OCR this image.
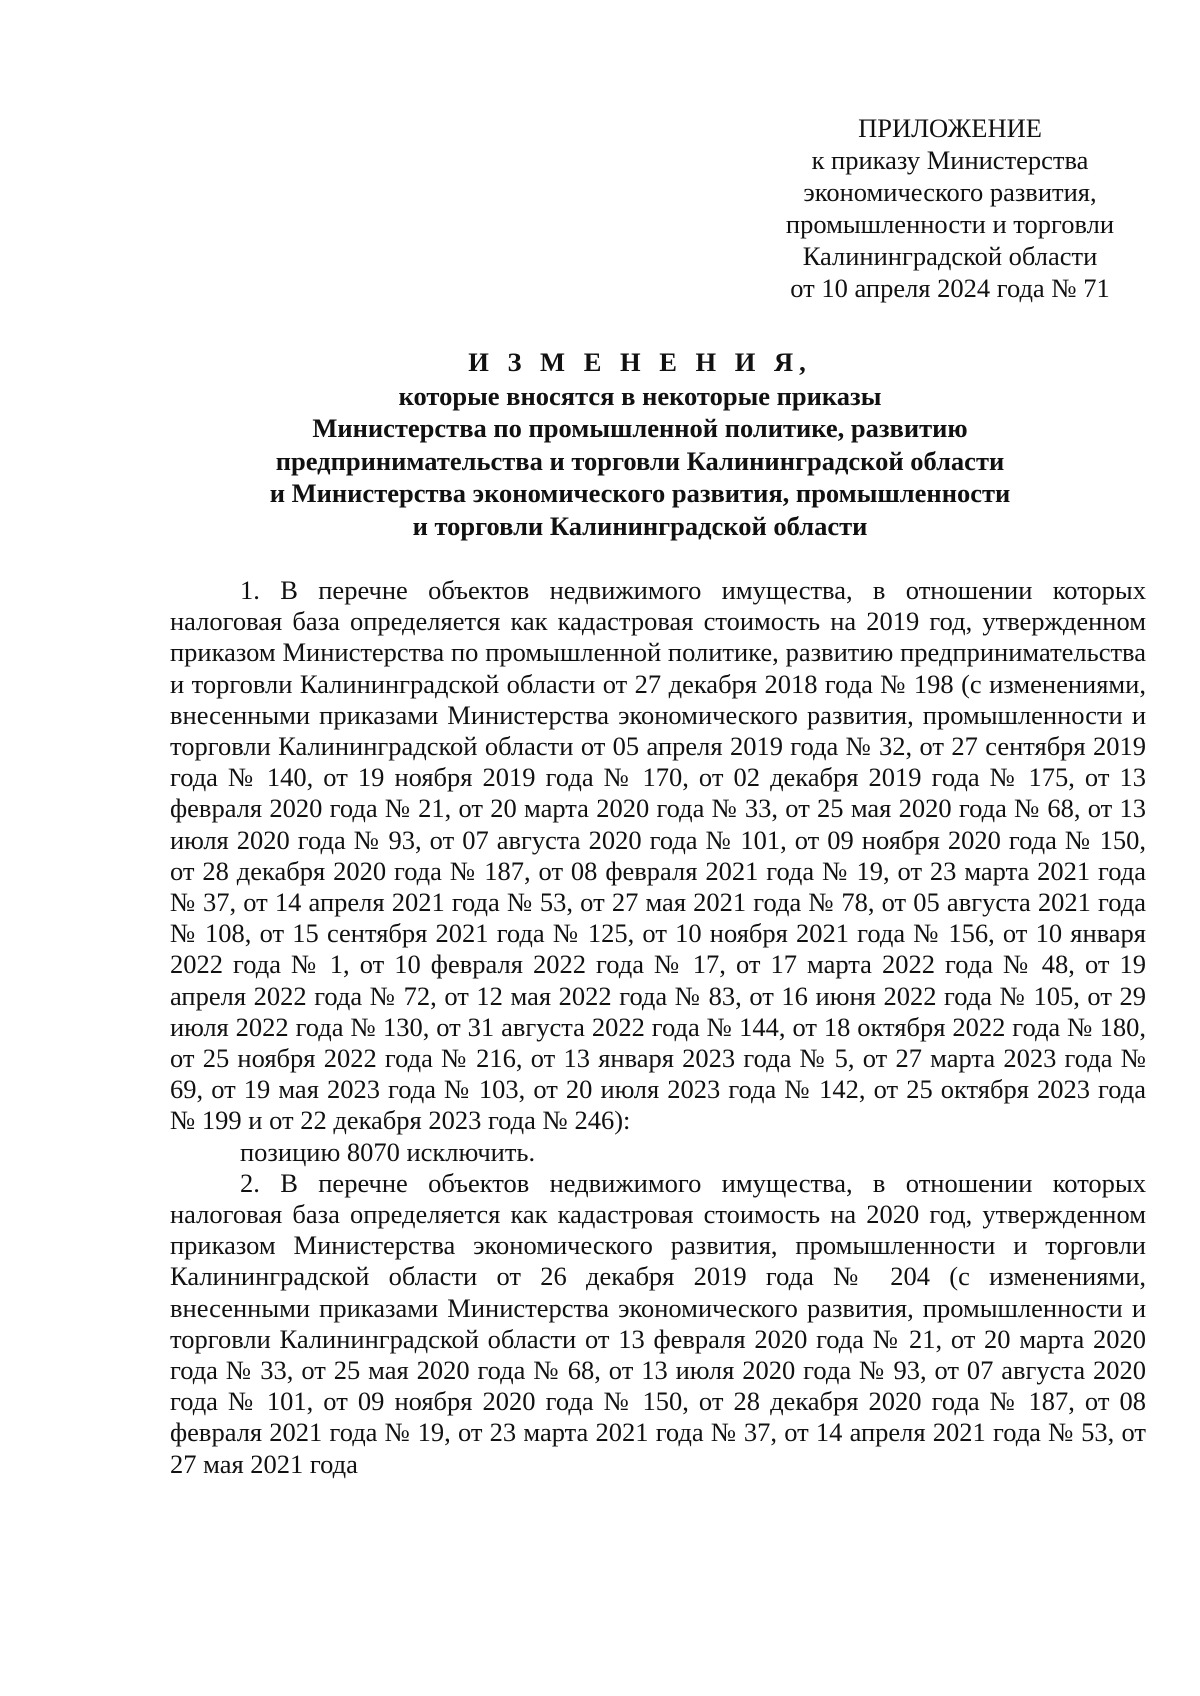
ПРИЛОЖЕНИЕ
к приказу Министерства
экономического развития,
промышленности и торговли
Калининградской области
от 10 апреля 2024 года № 71
И З М Е Н Е Н И Я,
которые вносятся в некоторые приказы
Министерства по промышленной политике, развитию
предпринимательства и торговли Калининградской области
и Министерства экономического развития, промышленности
и торговли Калининградской области

1. В перечне объектов недвижимого имущества, в отношении которых налоговая база определяется как кадастровая стоимость на 2019 год, утвержденном приказом Министерства по промышленной политике, развитию предпринимательства и торговли Калининградской области от 27 декабря 2018 года № 198 (с изменениями, внесенными приказами Министерства экономического развития, промышленности и торговли Калининградской области от 05 апреля 2019 года № 32, от 27 сентября 2019 года № 140, от 19 ноября 2019 года № 170, от 02 декабря 2019 года № 175, от 13 февраля 2020 года № 21, от 20 марта 2020 года № 33, от 25 мая 2020 года № 68, от 13 июля 2020 года № 93, от 07 августа 2020 года № 101, от 09 ноября 2020 года № 150, от 28 декабря 2020 года № 187, от 08 февраля 2021 года № 19, от 23 марта 2021 года № 37, от 14 апреля 2021 года № 53, от 27 мая 2021 года № 78, от 05 августа 2021 года № 108, от 15 сентября 2021 года № 125, от 10 ноября 2021 года № 156, от 10 января 2022 года № 1, от 10 февраля 2022 года № 17, от 17 марта 2022 года № 48, от 19 апреля 2022 года № 72, от 12 мая 2022 года № 83, от 16 июня 2022 года № 105, от 29 июля 2022 года № 130, от 31 августа 2022 года № 144, от 18 октября 2022 года № 180, от 25 ноября 2022 года № 216, от 13 января 2023 года № 5, от 27 марта 2023 года № 69, от 19 мая 2023 года № 103, от 20 июля 2023 года № 142, от 25 октября 2023 года № 199 и от 22 декабря 2023 года № 246):

позицию 8070 исключить.

2. В перечне объектов недвижимого имущества, в отношении которых налоговая база определяется как кадастровая стоимость на 2020 год, утвержденном приказом Министерства экономического развития, промышленности и торговли Калининградской области от 26 декабря 2019 года № 204 (с изменениями, внесенными приказами Министерства экономического развития, промышленности и торговли Калининградской области от 13 февраля 2020 года № 21, от 20 марта 2020 года № 33, от 25 мая 2020 года № 68, от 13 июля 2020 года № 93, от 07 августа 2020 года № 101, от 09 ноября 2020 года № 150, от 28 декабря 2020 года № 187, от 08 февраля 2021 года № 19, от 23 марта 2021 года № 37, от 14 апреля 2021 года № 53, от 27 мая 2021 года
